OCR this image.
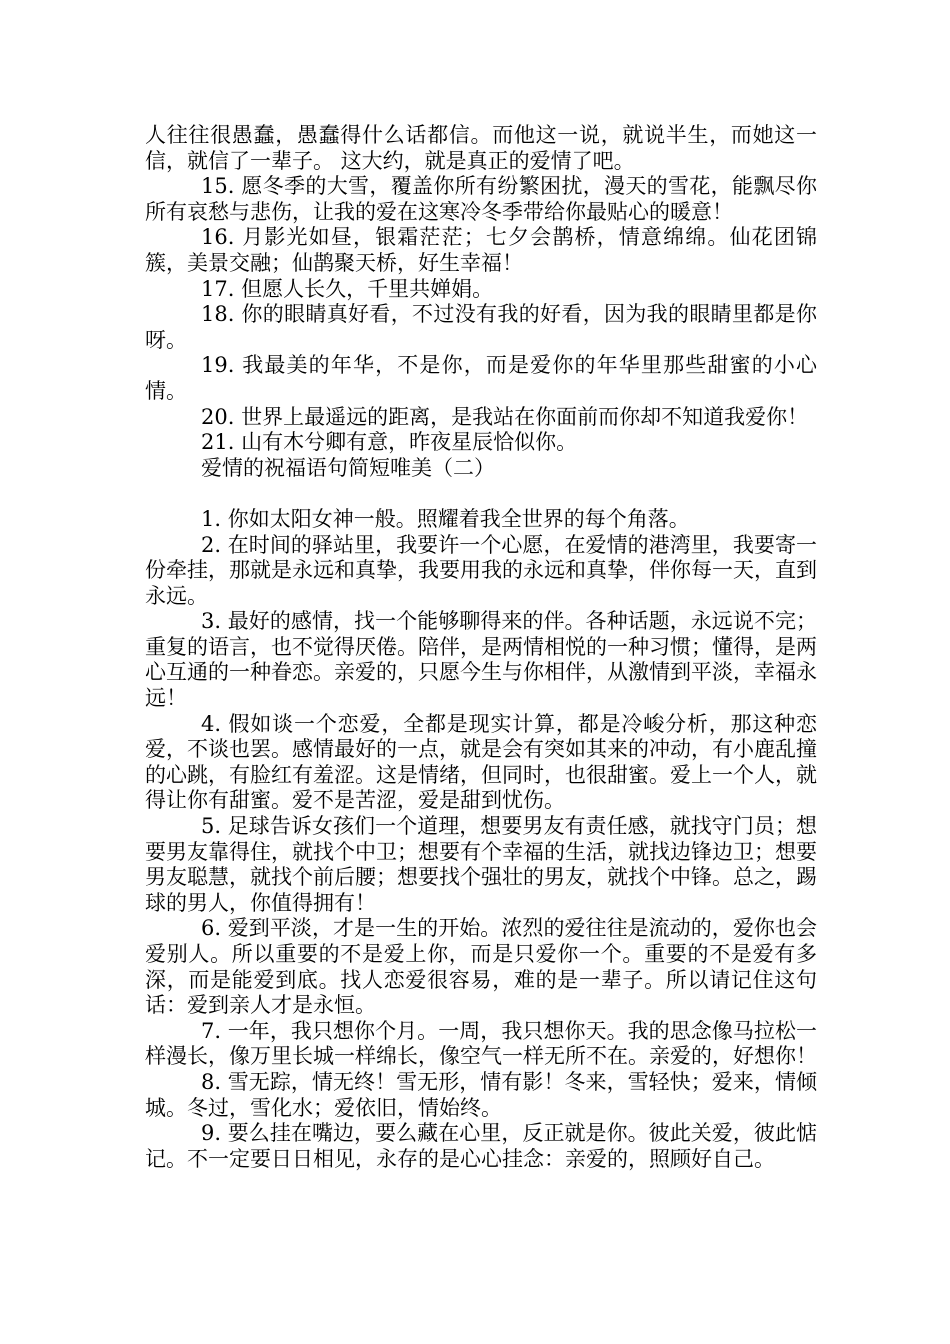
人往往很愚蠢，愚蠢得什么话都信。而他这一说，就说半生，而她这一信，就信了一辈子。 这大约，就是真正的爱情了吧。

15. 愿冬季的大雪，覆盖你所有纷繁困扰，漫天的雪花，能飘尽你所有哀愁与悲伤，让我的爱在这寒冷冬季带给你最贴心的暖意！

16. 月影光如昼，银霜茫茫；七夕会鹊桥，情意绵绵。仙花团锦簇，美景交融；仙鹊聚天桥，好生幸福！

17. 但愿人长久，千里共婵娟。

18. 你的眼睛真好看，不过没有我的好看，因为我的眼睛里都是你呀。

19. 我最美的年华，不是你，而是爱你的年华里那些甜蜜的小心情。

20. 世界上最遥远的距离，是我站在你面前而你却不知道我爱你！

21. 山有木兮卿有意，昨夜星辰恰似你。

爱情的祝福语句简短唯美（二）

1. 你如太阳女神一般。照耀着我全世界的每个角落。

2. 在时间的驿站里，我要许一个心愿，在爱情的港湾里，我要寄一份牵挂，那就是永远和真挚，我要用我的永远和真挚，伴你每一天，直到永远。

3. 最好的感情，找一个能够聊得来的伴。各种话题，永远说不完；重复的语言，也不觉得厌倦。陪伴，是两情相悦的一种习惯；懂得，是两心互通的一种眷恋。亲爱的，只愿今生与你相伴，从激情到平淡，幸福永远！

4. 假如谈一个恋爱，全都是现实计算，都是冷峻分析，那这种恋爱，不谈也罢。感情最好的一点，就是会有突如其来的冲动，有小鹿乱撞的心跳，有脸红有羞涩。这是情绪，但同时，也很甜蜜。爱上一个人，就得让你有甜蜜。爱不是苦涩，爱是甜到忧伤。

5. 足球告诉女孩们一个道理，想要男友有责任感，就找守门员；想要男友靠得住，就找个中卫；想要有个幸福的生活，就找边锋边卫；想要男友聪慧，就找个前后腰；想要找个强壮的男友，就找个中锋。总之，踢球的男人，你值得拥有！

6. 爱到平淡，才是一生的开始。浓烈的爱往往是流动的，爱你也会爱别人。所以重要的不是爱上你，而是只爱你一个。重要的不是爱有多深，而是能爱到底。找人恋爱很容易，难的是一辈子。所以请记住这句话：爱到亲人才是永恒。

7. 一年，我只想你个月。一周，我只想你天。我的思念像马拉松一样漫长，像万里长城一样绵长，像空气一样无所不在。亲爱的，好想你！

8. 雪无踪，情无终！雪无形，情有影！冬来，雪轻快；爱来，情倾城。冬过，雪化水；爱依旧，情始终。

9. 要么挂在嘴边，要么藏在心里，反正就是你。彼此关爱，彼此惦记。不一定要日日相见，永存的是心心挂念：亲爱的，照顾好自己。
